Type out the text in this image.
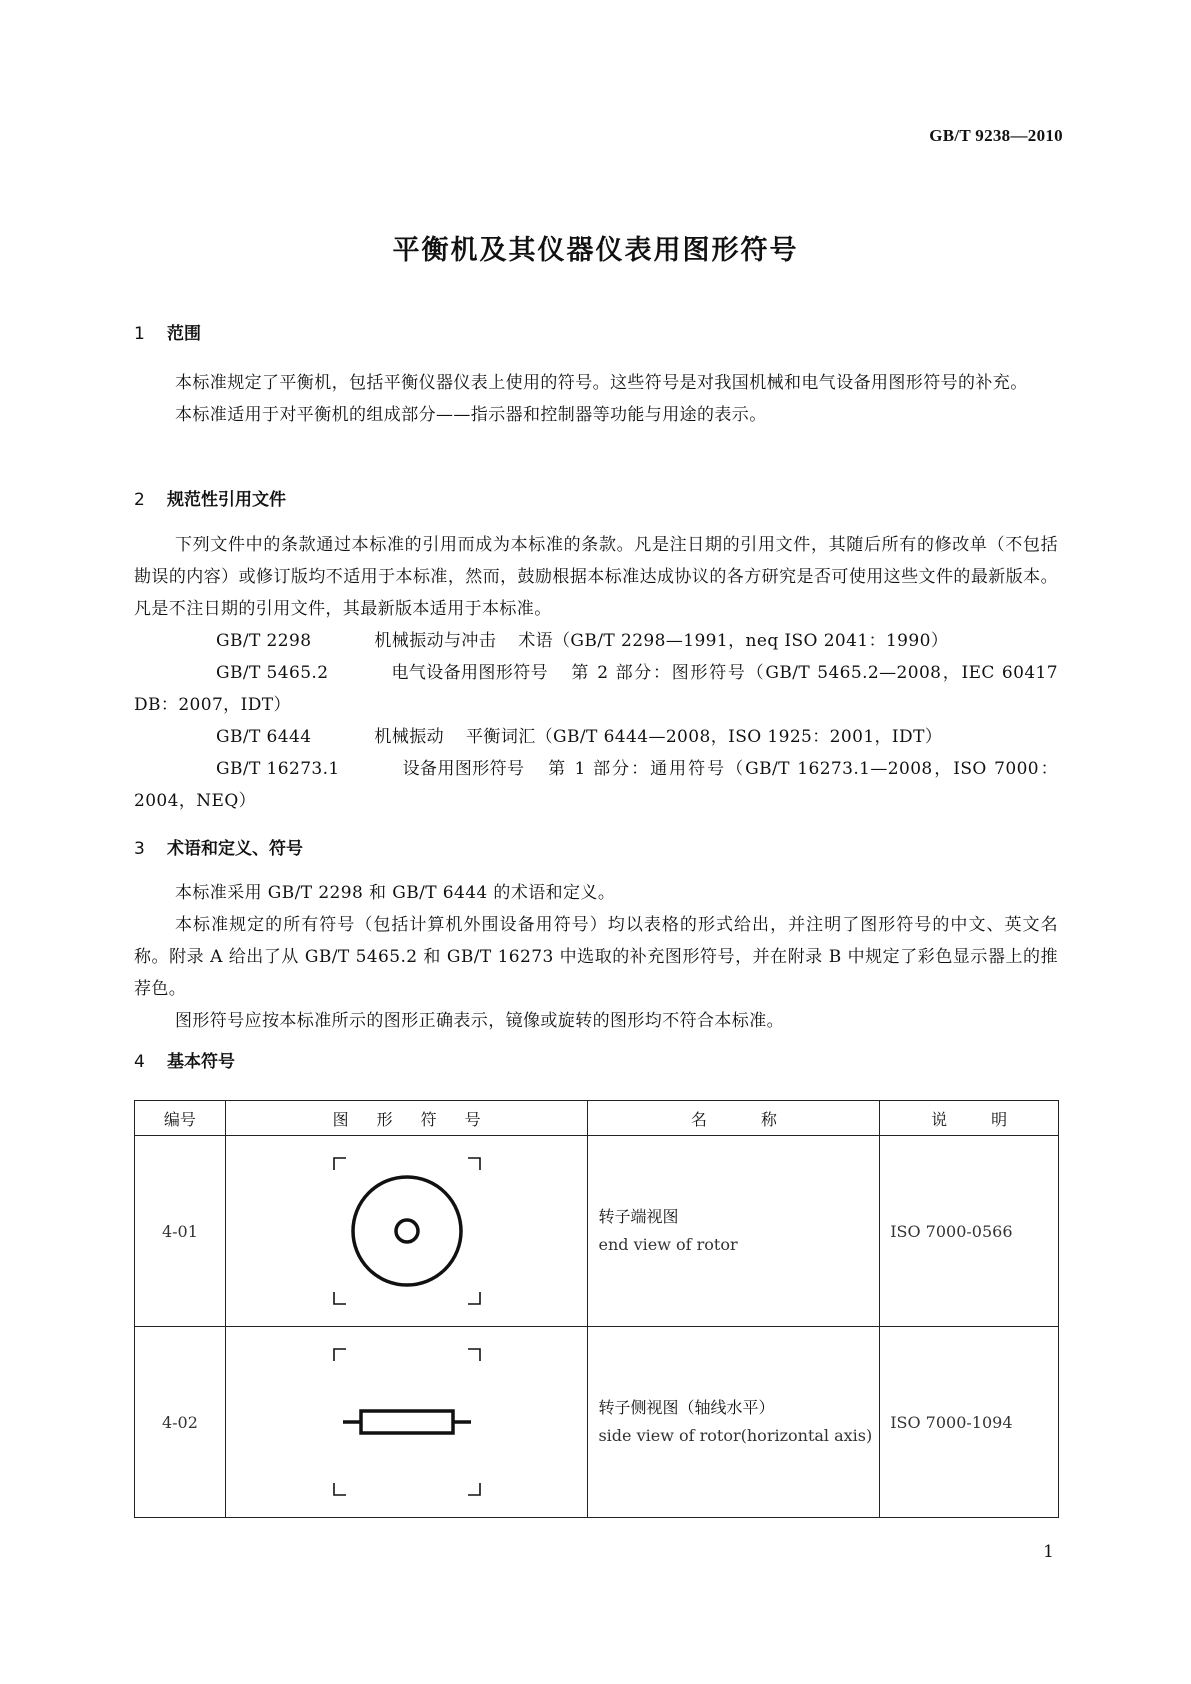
GB/T 9238—2010
平衡机及其仪器仪表用图形符号
1 范围

本标准规定了平衡机，包括平衡仪器仪表上使用的符号。这些符号是对我国机械和电气设备用图形符号的补充。

本标准适用于对平衡机的组成部分——指示器和控制器等功能与用途的表示。

2 规范性引用文件

下列文件中的条款通过本标准的引用而成为本标准的条款。凡是注日期的引用文件，其随后所有的修改单（不包括勘误的内容）或修订版均不适用于本标准，然而，鼓励根据本标准达成协议的各方研究是否可使用这些文件的最新版本。凡是不注日期的引用文件，其最新版本适用于本标准。

GB/T 2298	机械振动与冲击 术语（GB/T 2298—1991，neq ISO 2041：1990）

GB/T 5465.2	电气设备用图形符号 第 2 部分：图形符号（GB/T 5465.2—2008，IEC 60417 DB：2007，IDT）

GB/T 6444	机械振动 平衡词汇（GB/T 6444—2008，ISO 1925：2001，IDT）

GB/T 16273.1	设备用图形符号 第 1 部分：通用符号（GB/T 16273.1—2008，ISO 7000：2004，NEQ）

3 术语和定义、符号

本标准采用 GB/T 2298 和 GB/T 6444 的术语和定义。

本标准规定的所有符号（包括计算机外围设备用符号）均以表格的形式给出，并注明了图形符号的中文、英文名称。附录 A 给出了从 GB/T 5465.2 和 GB/T 16273 中选取的补充图形符号，并在附录 B 中规定了彩色显示器上的推荐色。

图形符号应按本标准所示的图形正确表示，镜像或旋转的图形均不符合本标准。

4 基本符号
编号	图 形 符 号	名 称	说 明
4-01		转子端视图
end view of rotor	ISO 7000-0566
4-02		转子侧视图（轴线水平）
side view of rotor(horizontal axis)	ISO 7000-1094
1
